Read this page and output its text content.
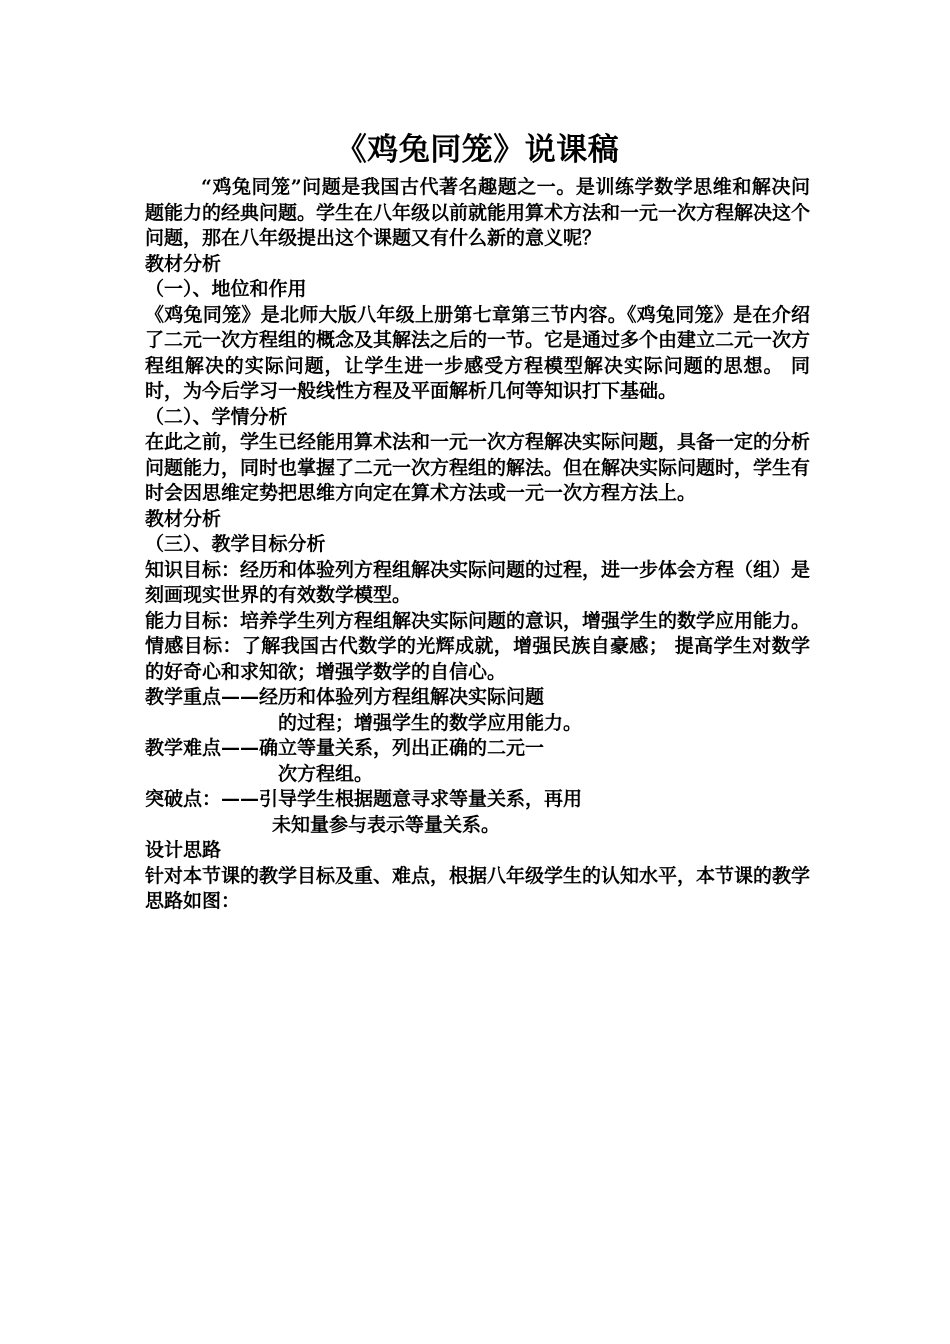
《鸡兔同笼》说课稿

“鸡兔同笼”问题是我国古代著名趣题之一。是训练学数学思维和解决问题能力的经典问题。学生在八年级以前就能用算术方法和一元一次方程解决这个问题，那在八年级提出这个课题又有什么新的意义呢？

教材分析

（一）、地位和作用

《鸡兔同笼》是北师大版八年级上册第七章第三节内容。《鸡兔同笼》是在介绍了二元一次方程组的概念及其解法之后的一节。它是通过多个由建立二元一次方程组解决的实际问题，让学生进一步感受方程模型解决实际问题的思想。 同时，为今后学习一般线性方程及平面解析几何等知识打下基础。

（二）、学情分析

在此之前，学生已经能用算术法和一元一次方程解决实际问题，具备一定的分析问题能力，同时也掌握了二元一次方程组的解法。但在解决实际问题时，学生有时会因思维定势把思维方向定在算术方法或一元一次方程方法上。

教材分析

（三）、教学目标分析

知识目标：经历和体验列方程组解决实际问题的过程，进一步体会方程（组）是刻画现实世界的有效数学模型。

能力目标：培养学生列方程组解决实际问题的意识，增强学生的数学应用能力。

情感目标：了解我国古代数学的光辉成就，增强民族自豪感； 提高学生对数学的好奇心和求知欲；增强学数学的自信心。

教学重点——经历和体验列方程组解决实际问题

的过程；增强学生的数学应用能力。

教学难点——确立等量关系，列出正确的二元一

次方程组。

突破点：——引导学生根据题意寻求等量关系，再用

未知量参与表示等量关系。

设计思路

针对本节课的教学目标及重、难点，根据八年级学生的认知水平，本节课的教学思路如图：
